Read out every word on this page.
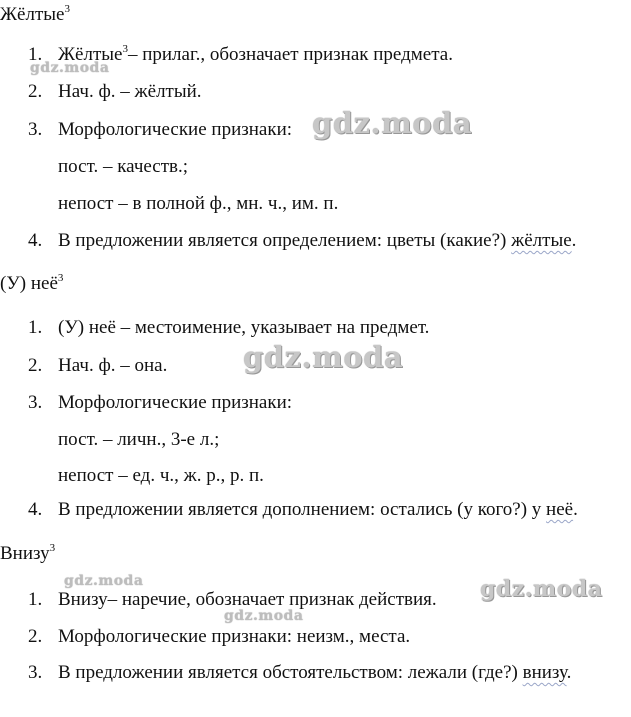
Жёлтые$^3$
1. Жёлтые$^3$– прилаг., обозначает признак предмета.
2. Нач. ф. – жёлтый.
3. Морфологические признаки:
пост. – качеств.;
непост – в полной ф., мн. ч., им. п.
4. В предложении является определением: цветы (какие?) жёлтые.
(У) неё$^3$
1. (У) неё – местоимение, указывает на предмет.
2. Нач. ф. – она.
3. Морфологические признаки:
пост. – личн., 3-е л.;
непост – ед. ч., ж. р., р. п.
4. В предложении является дополнением: остались (у кого?) у неё.
Внизу$^3$
1. Внизу– наречие, обозначает признак действия.
2. Морфологические признаки: неизм., места.
3. В предложении является обстоятельством: лежали (где?) внизу.
gdz.moda
gdz.moda
gdz.moda
gdz.moda	gdz.moda
gdz.moda
